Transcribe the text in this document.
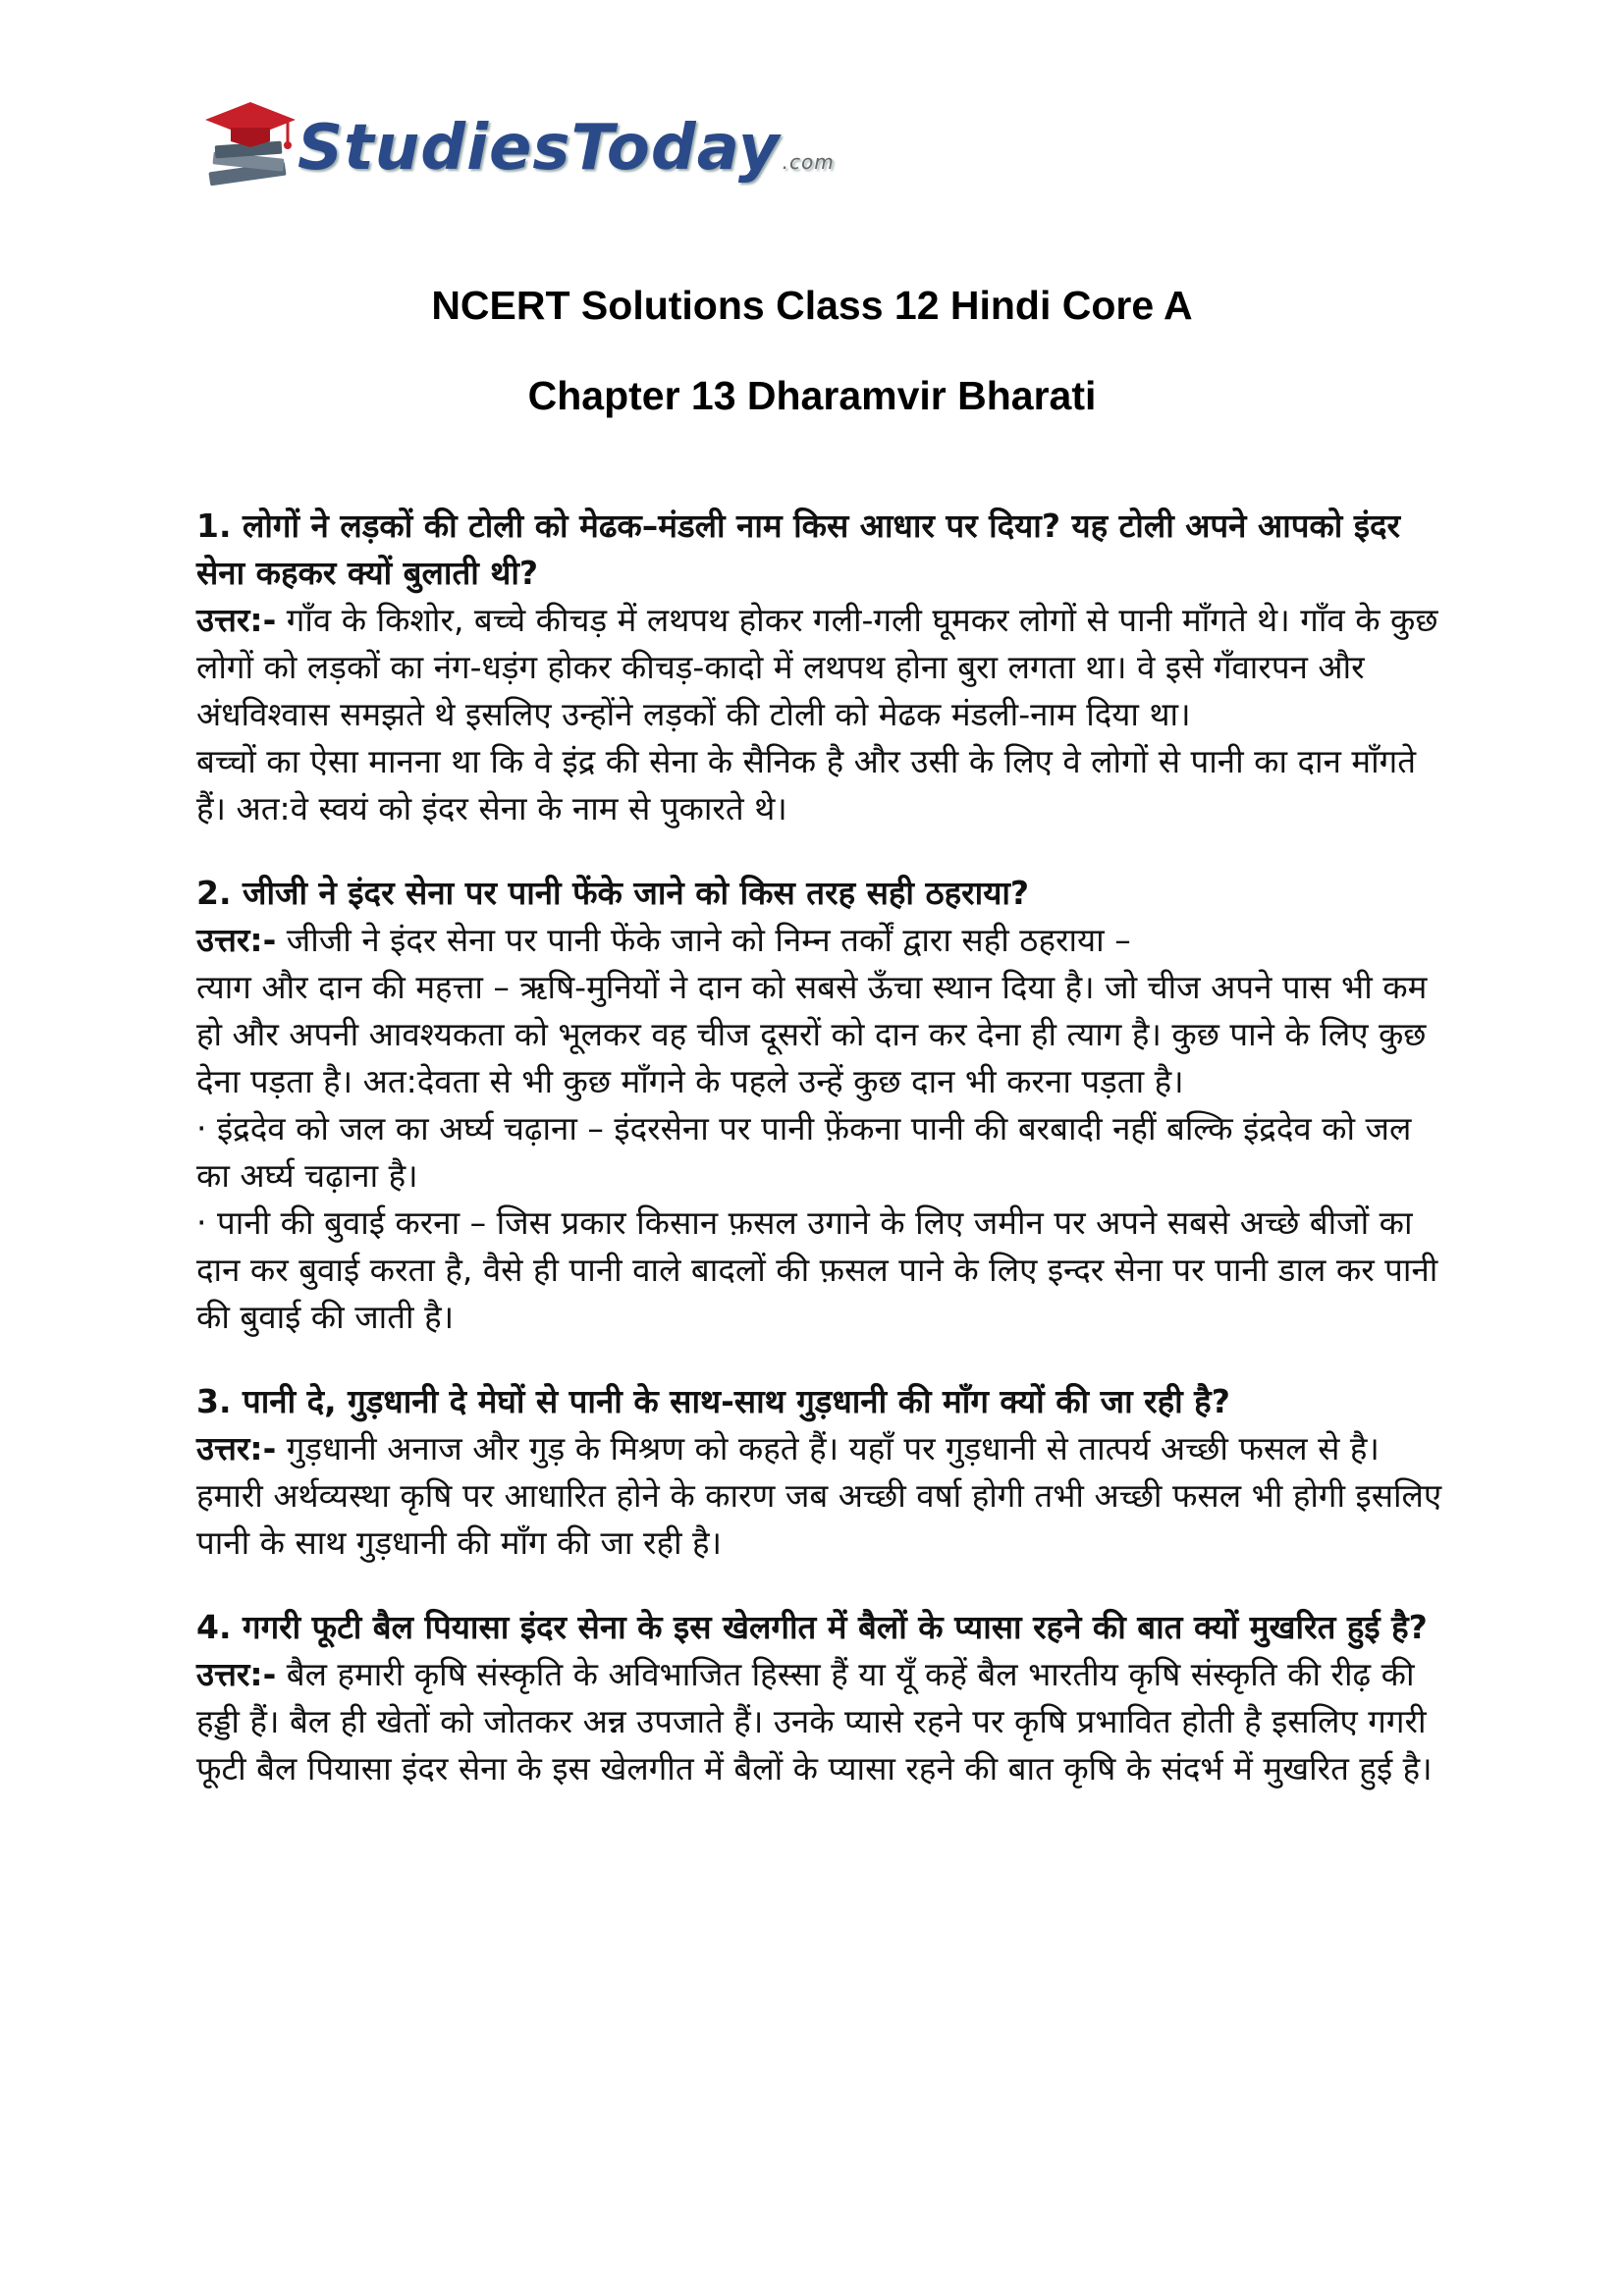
StudiesToday .com
NCERT Solutions Class 12 Hindi Core A
Chapter 13 Dharamvir Bharati

1. लोगों ने लड़कों की टोली को मेढक–मंडली नाम किस आधार पर दिया? यह टोली अपने आपको इंदर सेना कहकर क्यों बुलाती थी?

उत्तर:- गाँव के किशोर, बच्चे कीचड़ में लथपथ होकर गली-गली घूमकर लोगों से पानी माँगते थे। गाँव के कुछ लोगों को लड़कों का नंग-धड़ंग होकर कीचड़-कादो में लथपथ होना बुरा लगता था। वे इसे गँवारपन और अंधविश्वास समझते थे इसलिए उन्होंने लड़कों की टोली को मेढक मंडली-नाम दिया था।

बच्चों का ऐसा मानना था कि वे इंद्र की सेना के सैनिक है और उसी के लिए वे लोगों से पानी का दान माँगते हैं। अत:वे स्वयं को इंदर सेना के नाम से पुकारते थे।

2. जीजी ने इंदर सेना पर पानी फेंके जाने को किस तरह सही ठहराया?

उत्तर:- जीजी ने इंदर सेना पर पानी फेंके जाने को निम्न तर्कों द्वारा सही ठहराया –

त्याग और दान की महत्ता – ऋषि-मुनियों ने दान को सबसे ऊँचा स्थान दिया है। जो चीज अपने पास भी कम हो और अपनी आवश्यकता को भूलकर वह चीज दूसरों को दान कर देना ही त्याग है। कुछ पाने के लिए कुछ देना पड़ता है। अत:देवता से भी कुछ माँगने के पहले उन्हें कुछ दान भी करना पड़ता है।

· इंद्रदेव को जल का अर्घ्य चढ़ाना – इंदरसेना पर पानी फ़ेंकना पानी की बरबादी नहीं बल्कि इंद्रदेव को जल का अर्घ्य चढ़ाना है।

· पानी की बुवाई करना – जिस प्रकार किसान फ़सल उगाने के लिए जमीन पर अपने सबसे अच्छे बीजों का दान कर बुवाई करता है, वैसे ही पानी वाले बादलों की फ़सल पाने के लिए इन्दर सेना पर पानी डाल कर पानी की बुवाई की जाती है।

3. पानी दे, गुड़धानी दे मेघों से पानी के साथ-साथ गुड़धानी की माँग क्यों की जा रही है?

उत्तर:- गुड़धानी अनाज और गुड़ के मिश्रण को कहते हैं। यहाँ पर गुड़धानी से तात्पर्य अच्छी फसल से है। हमारी अर्थव्यस्था कृषि पर आधारित होने के कारण जब अच्छी वर्षा होगी तभी अच्छी फसल भी होगी इसलिए पानी के साथ गुड़धानी की माँग की जा रही है।

4. गगरी फूटी बैल पियासा इंदर सेना के इस खेलगीत में बैलों के प्यासा रहने की बात क्यों मुखरित हुई है?

उत्तर:- बैल हमारी कृषि संस्कृति के अविभाजित हिस्सा हैं या यूँ कहें बैल भारतीय कृषि संस्कृति की रीढ़ की हड्डी हैं। बैल ही खेतों को जोतकर अन्न उपजाते हैं। उनके प्यासे रहने पर कृषि प्रभावित होती है इसलिए गगरी फूटी बैल पियासा इंदर सेना के इस खेलगीत में बैलों के प्यासा रहने की बात कृषि के संदर्भ में मुखरित हुई है।
